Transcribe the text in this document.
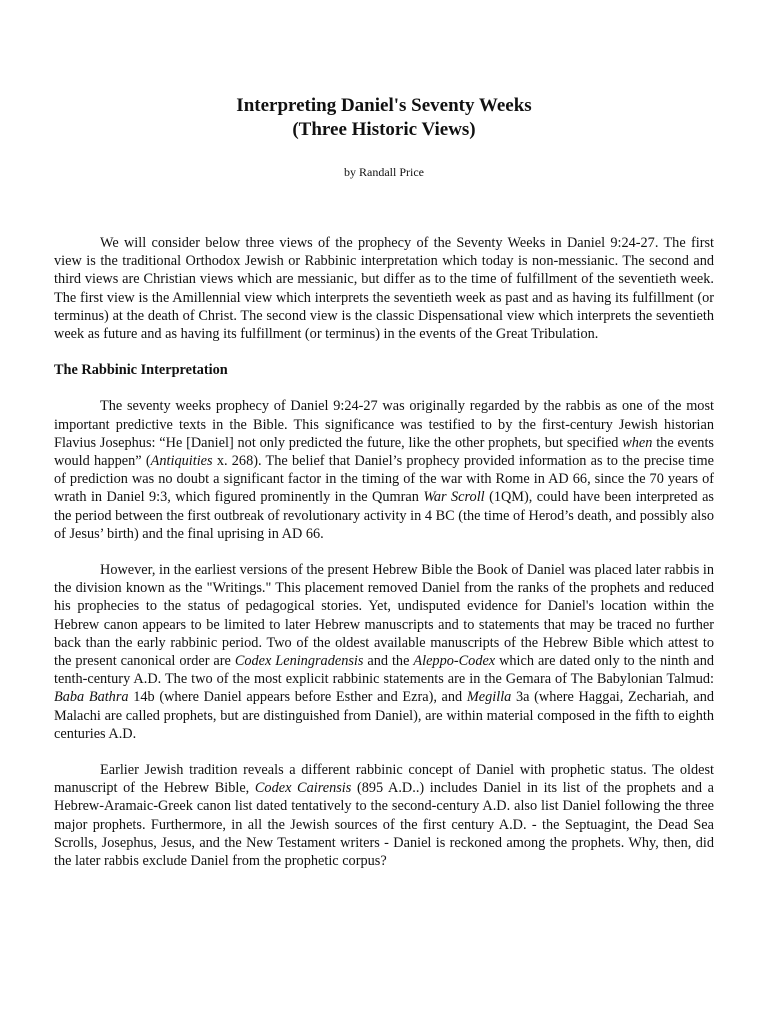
Interpreting Daniel's Seventy Weeks
(Three Historic Views)

by Randall Price

We will consider below three views of the prophecy of the Seventy Weeks in Daniel 9:24-27. The first view is the traditional Orthodox Jewish or Rabbinic interpretation which today is non-messianic. The second and third views are Christian views which are messianic, but differ as to the time of fulfillment of the seventieth week. The first view is the Amillennial view which interprets the seventieth week as past and as having its fulfillment (or terminus) at the death of Christ. The second view is the classic Dispensational view which interprets the seventieth week as future and as having its fulfillment (or terminus) in the events of the Great Tribulation.

The Rabbinic Interpretation

The seventy weeks prophecy of Daniel 9:24-27 was originally regarded by the rabbis as one of the most important predictive texts in the Bible. This significance was testified to by the first-century Jewish historian Flavius Josephus: “He [Daniel] not only predicted the future, like the other prophets, but specified when the events would happen” (Antiquities x. 268). The belief that Daniel’s prophecy provided information as to the precise time of prediction was no doubt a significant factor in the timing of the war with Rome in AD 66, since the 70 years of wrath in Daniel 9:3, which figured prominently in the Qumran War Scroll (1QM), could have been interpreted as the period between the first outbreak of revolutionary activity in 4 BC (the time of Herod’s death, and possibly also of Jesus’ birth) and the final uprising in AD 66.

However, in the earliest versions of the present Hebrew Bible the Book of Daniel was placed later rabbis in the division known as the "Writings." This placement removed Daniel from the ranks of the prophets and reduced his prophecies to the status of pedagogical stories. Yet, undisputed evidence for Daniel's location within the Hebrew canon appears to be limited to later Hebrew manuscripts and to statements that may be traced no further back than the early rabbinic period. Two of the oldest available manuscripts of the Hebrew Bible which attest to the present canonical order are Codex Leningradensis and the Aleppo-Codex which are dated only to the ninth and tenth-century A.D. The two of the most explicit rabbinic statements are in the Gemara of The Babylonian Talmud: Baba Bathra 14b (where Daniel appears before Esther and Ezra), and Megilla 3a (where Haggai, Zechariah, and Malachi are called prophets, but are distinguished from Daniel), are within material composed in the fifth to eighth centuries A.D.

Earlier Jewish tradition reveals a different rabbinic concept of Daniel with prophetic status. The oldest manuscript of the Hebrew Bible, Codex Cairensis (895 A.D..) includes Daniel in its list of the prophets and a Hebrew-Aramaic-Greek canon list dated tentatively to the second-century A.D. also list Daniel following the three major prophets. Furthermore, in all the Jewish sources of the first century A.D. - the Septuagint, the Dead Sea Scrolls, Josephus, Jesus, and the New Testament writers - Daniel is reckoned among the prophets. Why, then, did the later rabbis exclude Daniel from the prophetic corpus?
